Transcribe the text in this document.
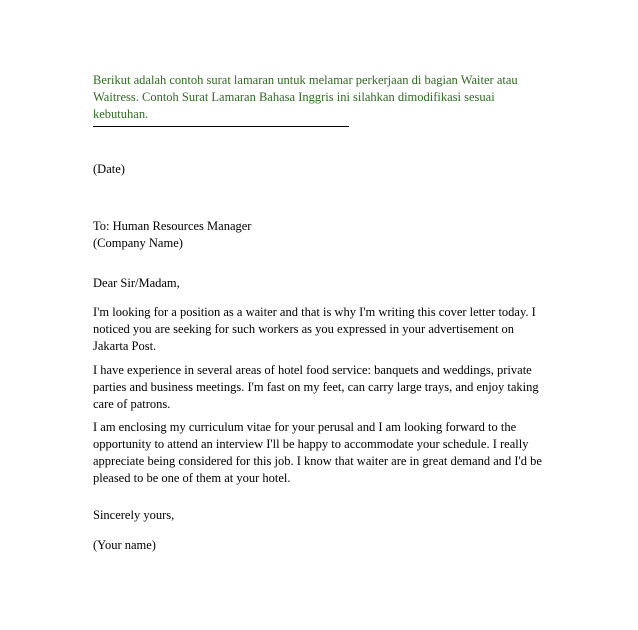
Berikut adalah contoh surat lamaran untuk melamar perkerjaan di bagian Waiter atau
Waitress. Contoh Surat Lamaran Bahasa Inggris ini silahkan dimodifikasi sesuai
kebutuhan.
(Date)
To: Human Resources Manager
(Company Name)
Dear Sir/Madam,
I'm looking for a position as a waiter and that is why I'm writing this cover letter today. I
noticed you are seeking for such workers as you expressed in your advertisement on
Jakarta Post.
I have experience in several areas of hotel food service: banquets and weddings, private
parties and business meetings. I'm fast on my feet, can carry large trays, and enjoy taking
care of patrons.
I am enclosing my curriculum vitae for your perusal and I am looking forward to the
opportunity to attend an interview I'll be happy to accommodate your schedule. I really
appreciate being considered for this job. I know that waiter are in great demand and I'd be
pleased to be one of them at your hotel.
Sincerely yours,
(Your name)
